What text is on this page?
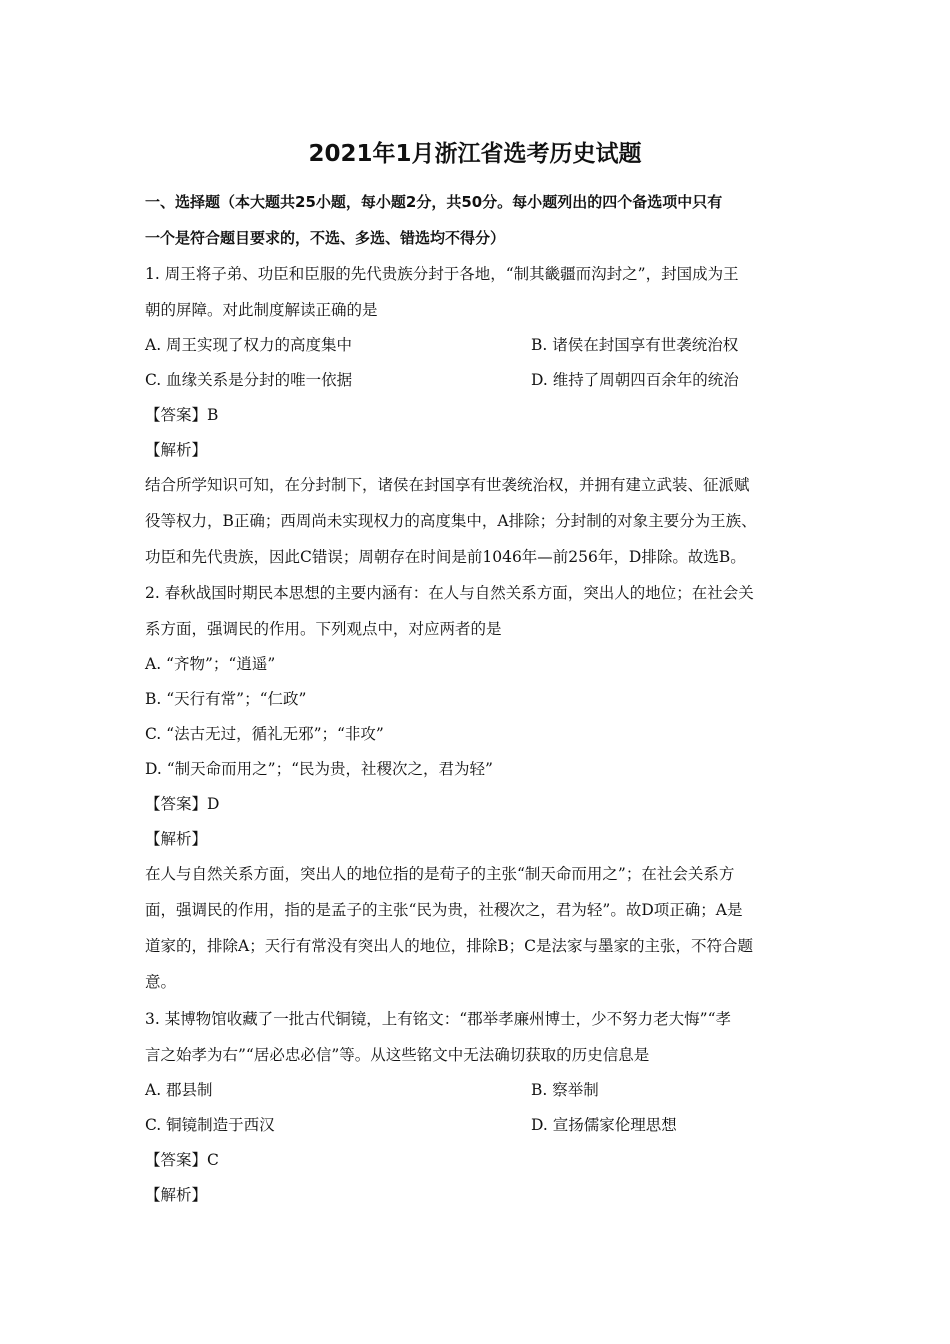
2021年1月浙江省选考历史试题
一、选择题（本大题共25小题，每小题2分，共50分。每小题列出的四个备选项中只有
一个是符合题目要求的，不选、多选、错选均不得分）
1. 周王将子弟、功臣和臣服的先代贵族分封于各地，“制其畿疆而沟封之”，封国成为王
朝的屏障。对此制度解读正确的是
A. 周王实现了权力的高度集中	B. 诸侯在封国享有世袭统治权
C. 血缘关系是分封的唯一依据	D. 维持了周朝四百余年的统治
【答案】B
【解析】
结合所学知识可知，在分封制下，诸侯在封国享有世袭统治权，并拥有建立武装、征派赋
役等权力，B正确；西周尚未实现权力的高度集中，A排除；分封制的对象主要分为王族、
功臣和先代贵族，因此C错误；周朝存在时间是前1046年—前256年，D排除。故选B。
2. 春秋战国时期民本思想的主要内涵有：在人与自然关系方面，突出人的地位；在社会关
系方面，强调民的作用。下列观点中，对应两者的是
A. “齐物”；“逍遥”
B. “天行有常”；“仁政”
C. “法古无过，循礼无邪”；“非攻”
D. “制天命而用之”；“民为贵，社稷次之，君为轻”
【答案】D
【解析】
在人与自然关系方面，突出人的地位指的是荀子的主张“制天命而用之”；在社会关系方
面，强调民的作用，指的是孟子的主张“民为贵，社稷次之，君为轻”。故D项正确；A是
道家的，排除A；天行有常没有突出人的地位，排除B；C是法家与墨家的主张，不符合题
意。
3. 某博物馆收藏了一批古代铜镜，上有铭文：“郡举孝廉州博士，少不努力老大悔”“孝
言之始孝为右”“居必忠必信”等。从这些铭文中无法确切获取的历史信息是
A. 郡县制	B. 察举制
C. 铜镜制造于西汉	D. 宣扬儒家伦理思想
【答案】C
【解析】
